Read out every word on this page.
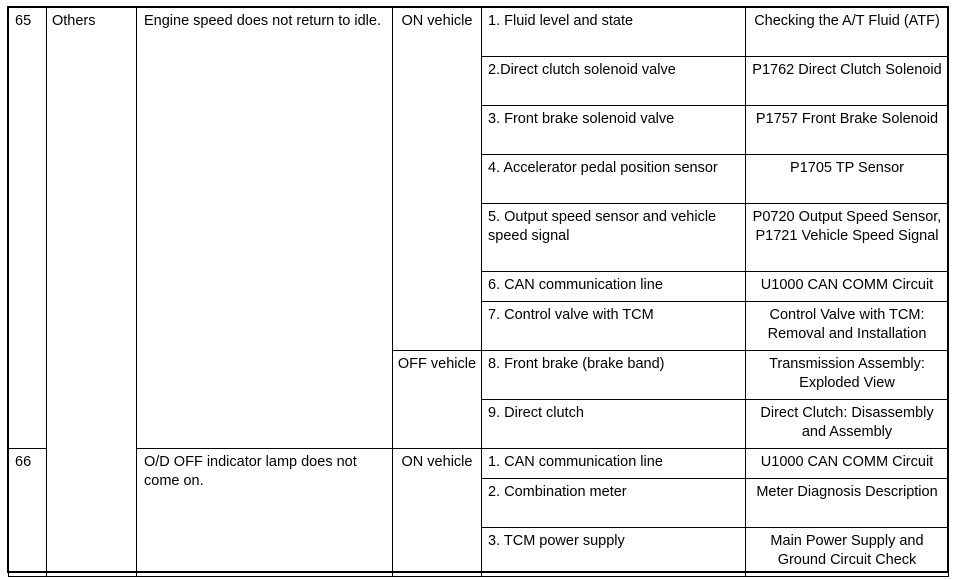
65	Others	Engine speed does not return to idle.	ON vehicle	1. Fluid level and state	Checking the A/T Fluid (ATF)

				2.Direct clutch solenoid valve	P1762 Direct Clutch Solenoid

				3. Front brake solenoid valve	P1757 Front Brake Solenoid

				4. Accelerator pedal position sensor	P1705 TP Sensor

				5. Output speed sensor and vehicle speed signal	P0720 Output Speed Sensor, P1721 Vehicle Speed Signal

				6. CAN communication line	U1000 CAN COMM Circuit

				7. Control valve with TCM	Control Valve with TCM: Removal and Installation

			OFF vehicle	8. Front brake (brake band)	Transmission Assembly: Exploded View

				9. Direct clutch	Direct Clutch: Disassembly and Assembly

66		O/D OFF indicator lamp does not come on.	ON vehicle	1. CAN communication line	U1000 CAN COMM Circuit

				2. Combination meter	Meter Diagnosis Description

				3. TCM power supply	Main Power Supply and Ground Circuit Check
